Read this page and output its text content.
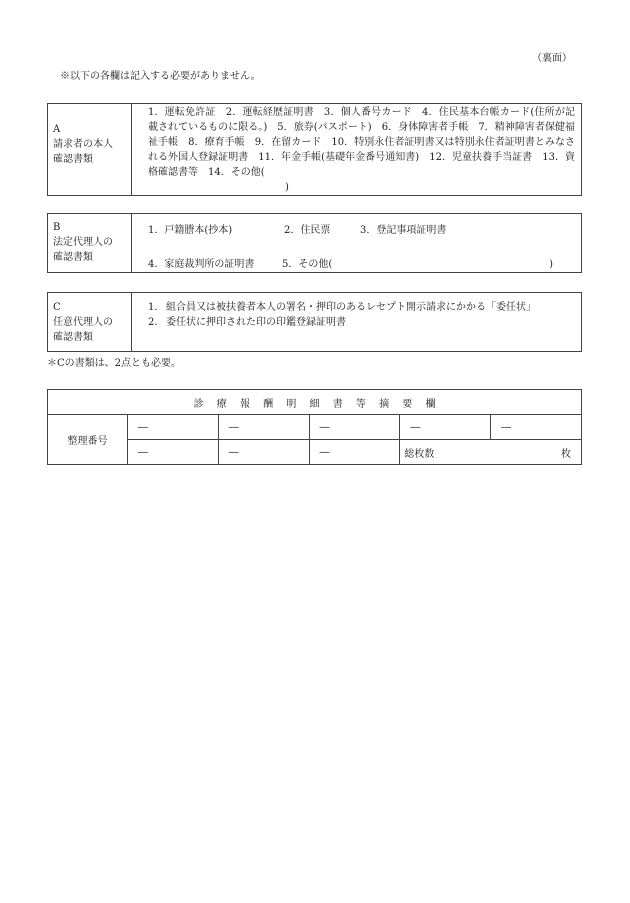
（裏面）
※以下の各欄は記入する必要がありません。
A
請求者の本人
確認書類
	1．運転免許証　2．運転経歴証明書　3．個人番号カード　4．住民基本台帳カード(住所が記載されているものに限る。)　5．旅券(パスポート)　6．身体障害者手帳　7．精神障害者保健福祉手帳　8．療育手帳　9．在留カード　10．特別永住者証明書又は特別永住者証明書とみなされる外国人登録証明書　11．年金手帳(基礎年金番号通知書)　12．児童扶養手当証書　13．資格確認書等　14．その他(
)
B
法定代理人の
確認書類

1．戸籍謄本(抄本)	2．住民票	3．登記事項証明書
4．家庭裁判所の証明書	5．その他(	)
C
任意代理人の
確認書類

1． 組合員又は被扶養者本人の署名・押印のあるレセプト開示請求にかかる「委任状」
2． 委任状に押印された印の印鑑登録証明書
＊Cの書類は、2点とも必要。
診 療 報 酬 明 細 書 等 摘 要 欄					
整理番号	―	―	―	―	―
	―	―	―	総枚数 枚	
